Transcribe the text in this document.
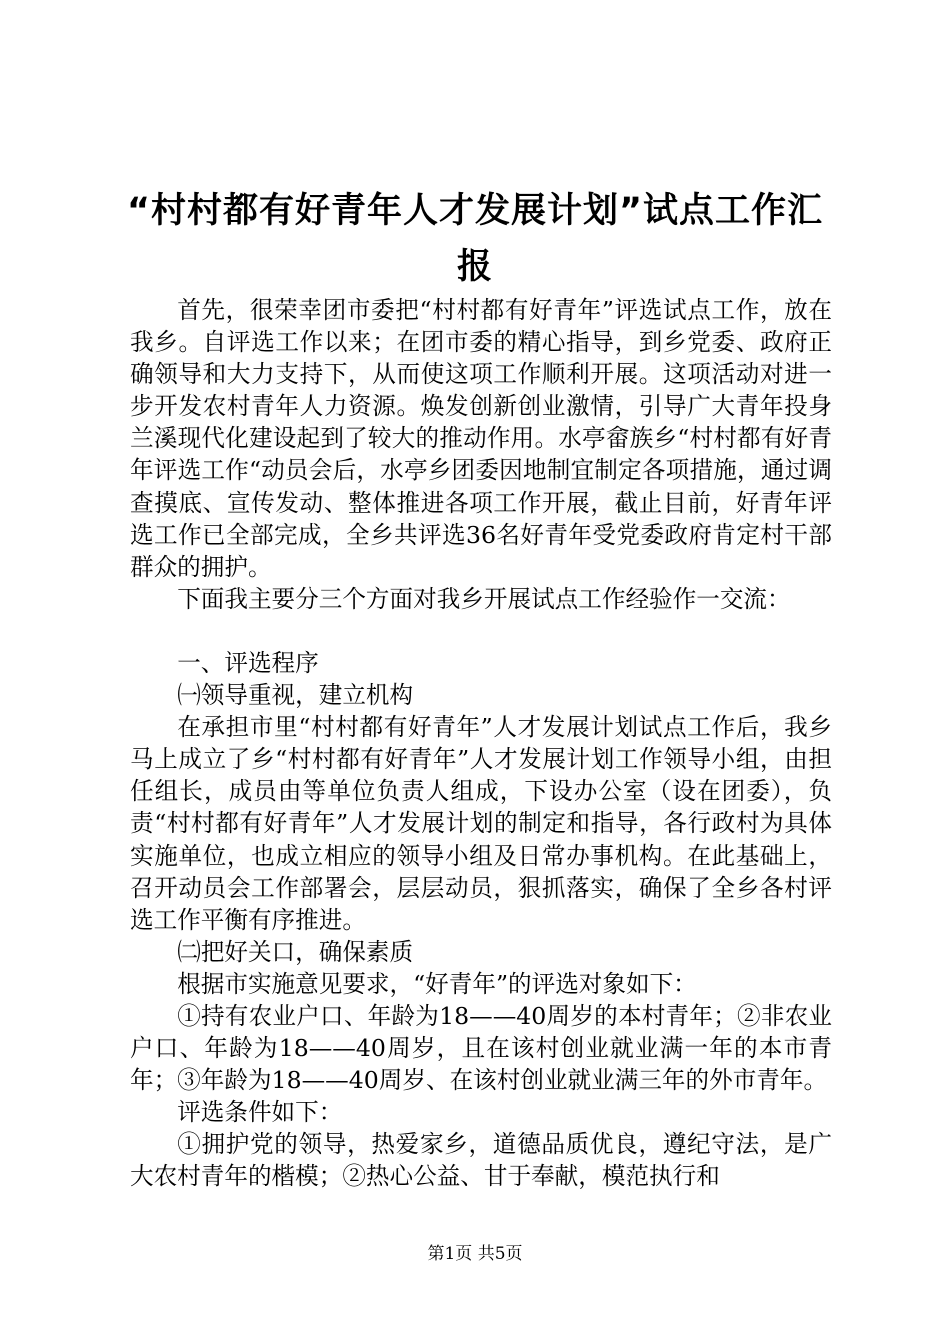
“村村都有好青年人才发展计划”试点工作汇报

首先，很荣幸团市委把“村村都有好青年”评选试点工作，放在我乡。自评选工作以来；在团市委的精心指导，到乡党委、政府正确领导和大力支持下，从而使这项工作顺利开展。这项活动对进一步开发农村青年人力资源。焕发创新创业激情，引导广大青年投身兰溪现代化建设起到了较大的推动作用。水亭畲族乡“村村都有好青年评选工作“动员会后，水亭乡团委因地制宜制定各项措施，通过调查摸底、宣传发动、整体推进各项工作开展，截止目前，好青年评选工作已全部完成，全乡共评选36名好青年受党委政府肯定村干部群众的拥护。

下面我主要分三个方面对我乡开展试点工作经验作一交流：

一、评选程序

㈠领导重视，建立机构

在承担市里“村村都有好青年”人才发展计划试点工作后，我乡马上成立了乡“村村都有好青年”人才发展计划工作领导小组，由担任组长，成员由等单位负责人组成，下设办公室（设在团委），负责“村村都有好青年”人才发展计划的制定和指导，各行政村为具体实施单位，也成立相应的领导小组及日常办事机构。在此基础上，召开动员会工作部署会，层层动员，狠抓落实，确保了全乡各村评选工作平衡有序推进。

㈡把好关口，确保素质

根据市实施意见要求，“好青年”的评选对象如下：

①持有农业户口、年龄为18——40周岁的本村青年；②非农业户口、年龄为18——40周岁，且在该村创业就业满一年的本市青年；③年龄为18——40周岁、在该村创业就业满三年的外市青年。

评选条件如下：

①拥护党的领导，热爱家乡，道德品质优良，遵纪守法，是广大农村青年的楷模；②热心公益、甘于奉献，模范执行和

第1页 共5页
